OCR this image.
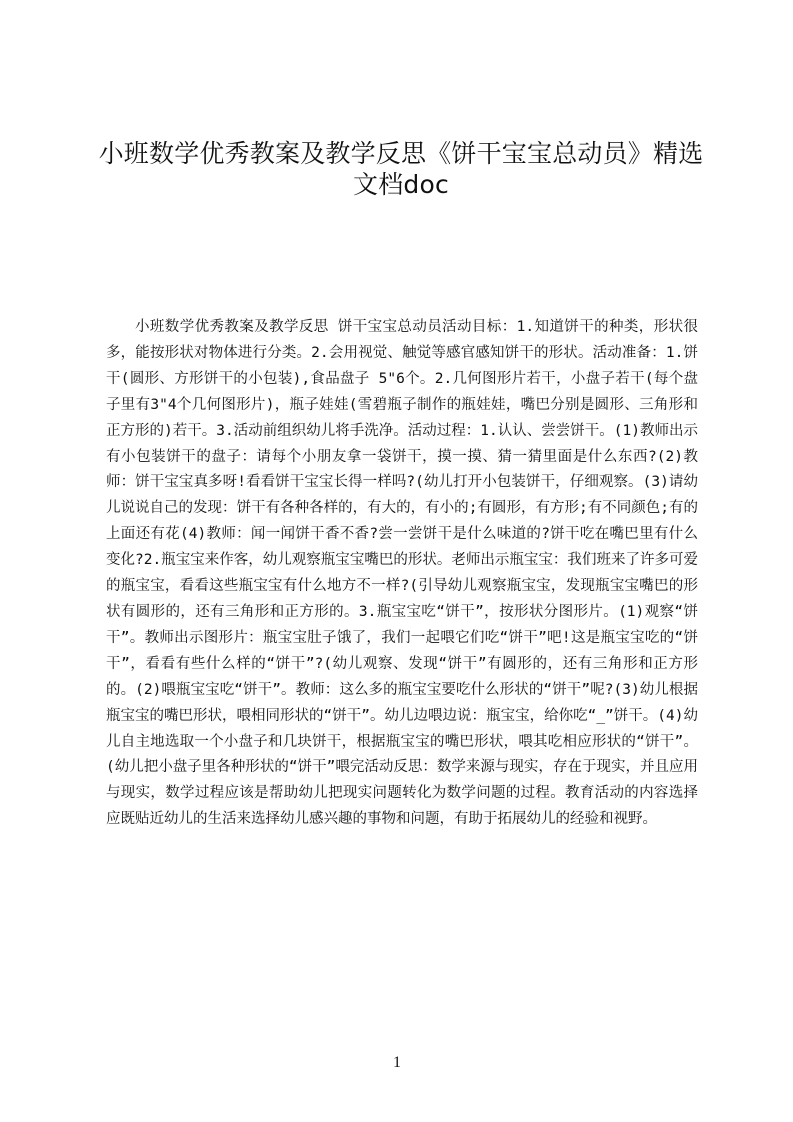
小班数学优秀教案及教学反思《饼干宝宝总动员》精选文档doc

小班数学优秀教案及教学反思 饼干宝宝总动员活动目标：1.知道饼干的种类，形状很多，能按形状对物体进行分类。2.会用视觉、触觉等感官感知饼干的形状。活动准备：1.饼干(圆形、方形饼干的小包装),食品盘子 5"6个。2.几何图形片若干，小盘子若干(每个盘子里有3"4个几何图形片)，瓶子娃娃(雪碧瓶子制作的瓶娃娃，嘴巴分别是圆形、三角形和正方形的)若干。3.活动前组织幼儿将手洗净。活动过程：1.认认、尝尝饼干。(1)教师出示有小包装饼干的盘子：请每个小朋友拿一袋饼干，摸一摸、猜一猜里面是什么东西?(2)教师：饼干宝宝真多呀!看看饼干宝宝长得一样吗?(幼儿打开小包装饼干，仔细观察。(3)请幼儿说说自己的发现：饼干有各种各样的，有大的，有小的;有圆形，有方形;有不同颜色;有的上面还有花(4)教师：闻一闻饼干香不香?尝一尝饼干是什么味道的?饼干吃在嘴巴里有什么变化?2.瓶宝宝来作客，幼儿观察瓶宝宝嘴巴的形状。老师出示瓶宝宝：我们班来了许多可爱的瓶宝宝，看看这些瓶宝宝有什么地方不一样?(引导幼儿观察瓶宝宝，发现瓶宝宝嘴巴的形状有圆形的，还有三角形和正方形的。3.瓶宝宝吃“饼干”，按形状分图形片。(1)观察“饼干”。教师出示图形片：瓶宝宝肚子饿了，我们一起喂它们吃“饼干”吧!这是瓶宝宝吃的“饼干”，看看有些什么样的“饼干”?(幼儿观察、发现“饼干”有圆形的，还有三角形和正方形的。(2)喂瓶宝宝吃“饼干”。教师：这么多的瓶宝宝要吃什么形状的“饼干”呢?(3)幼儿根据瓶宝宝的嘴巴形状，喂相同形状的“饼干”。幼儿边喂边说：瓶宝宝，给你吃“_”饼干。(4)幼儿自主地选取一个小盘子和几块饼干，根据瓶宝宝的嘴巴形状，喂其吃相应形状的“饼干”。(幼儿把小盘子里各种形状的“饼干”喂完活动反思：数学来源与现实，存在于现实，并且应用与现实，数学过程应该是帮助幼儿把现实问题转化为数学问题的过程。教育活动的内容选择应既贴近幼儿的生活来选择幼儿感兴趣的事物和问题，有助于拓展幼儿的经验和视野。

1
